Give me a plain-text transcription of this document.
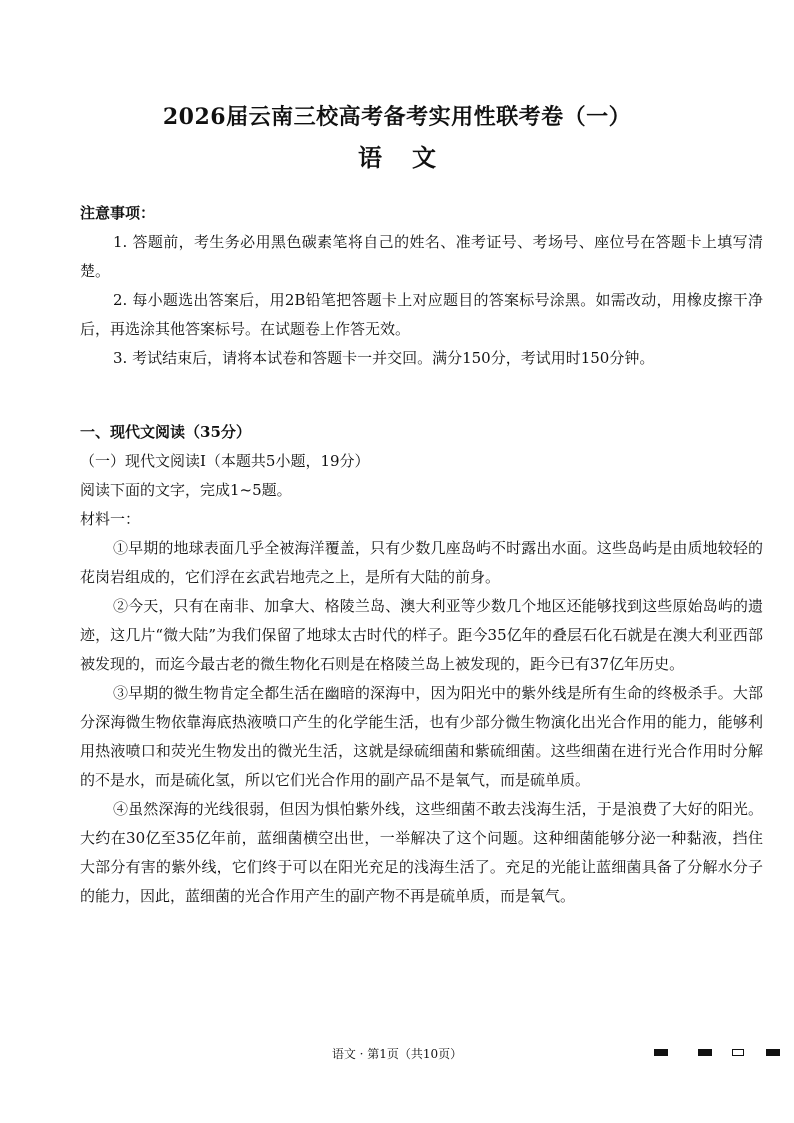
2026届云南三校高考备考实用性联考卷（一）
语文

注意事项：

1. 答题前，考生务必用黑色碳素笔将自己的姓名、准考证号、考场号、座位号在答题卡上填写清楚。

2. 每小题选出答案后，用2B铅笔把答题卡上对应题目的答案标号涂黑。如需改动，用橡皮擦干净后，再选涂其他答案标号。在试题卷上作答无效。

3. 考试结束后，请将本试卷和答题卡一并交回。满分150分，考试用时150分钟。

一、现代文阅读（35分）

（一）现代文阅读Ⅰ（本题共5小题，19分）

阅读下面的文字，完成1~5题。

材料一：

①早期的地球表面几乎全被海洋覆盖，只有少数几座岛屿不时露出水面。这些岛屿是由质地较轻的花岗岩组成的，它们浮在玄武岩地壳之上，是所有大陆的前身。

②今天，只有在南非、加拿大、格陵兰岛、澳大利亚等少数几个地区还能够找到这些原始岛屿的遗迹，这几片“微大陆”为我们保留了地球太古时代的样子。距今35亿年的叠层石化石就是在澳大利亚西部被发现的，而迄今最古老的微生物化石则是在格陵兰岛上被发现的，距今已有37亿年历史。

③早期的微生物肯定全都生活在幽暗的深海中，因为阳光中的紫外线是所有生命的终极杀手。大部分深海微生物依靠海底热液喷口产生的化学能生活，也有少部分微生物演化出光合作用的能力，能够利用热液喷口和荧光生物发出的微光生活，这就是绿硫细菌和紫硫细菌。这些细菌在进行光合作用时分解的不是水，而是硫化氢，所以它们光合作用的副产品不是氧气，而是硫单质。

④虽然深海的光线很弱，但因为惧怕紫外线，这些细菌不敢去浅海生活，于是浪费了大好的阳光。大约在30亿至35亿年前，蓝细菌横空出世，一举解决了这个问题。这种细菌能够分泌一种黏液，挡住大部分有害的紫外线，它们终于可以在阳光充足的浅海生活了。充足的光能让蓝细菌具备了分解水分子的能力，因此，蓝细菌的光合作用产生的副产物不再是硫单质，而是氧气。

语文 · 第1页（共10页）
